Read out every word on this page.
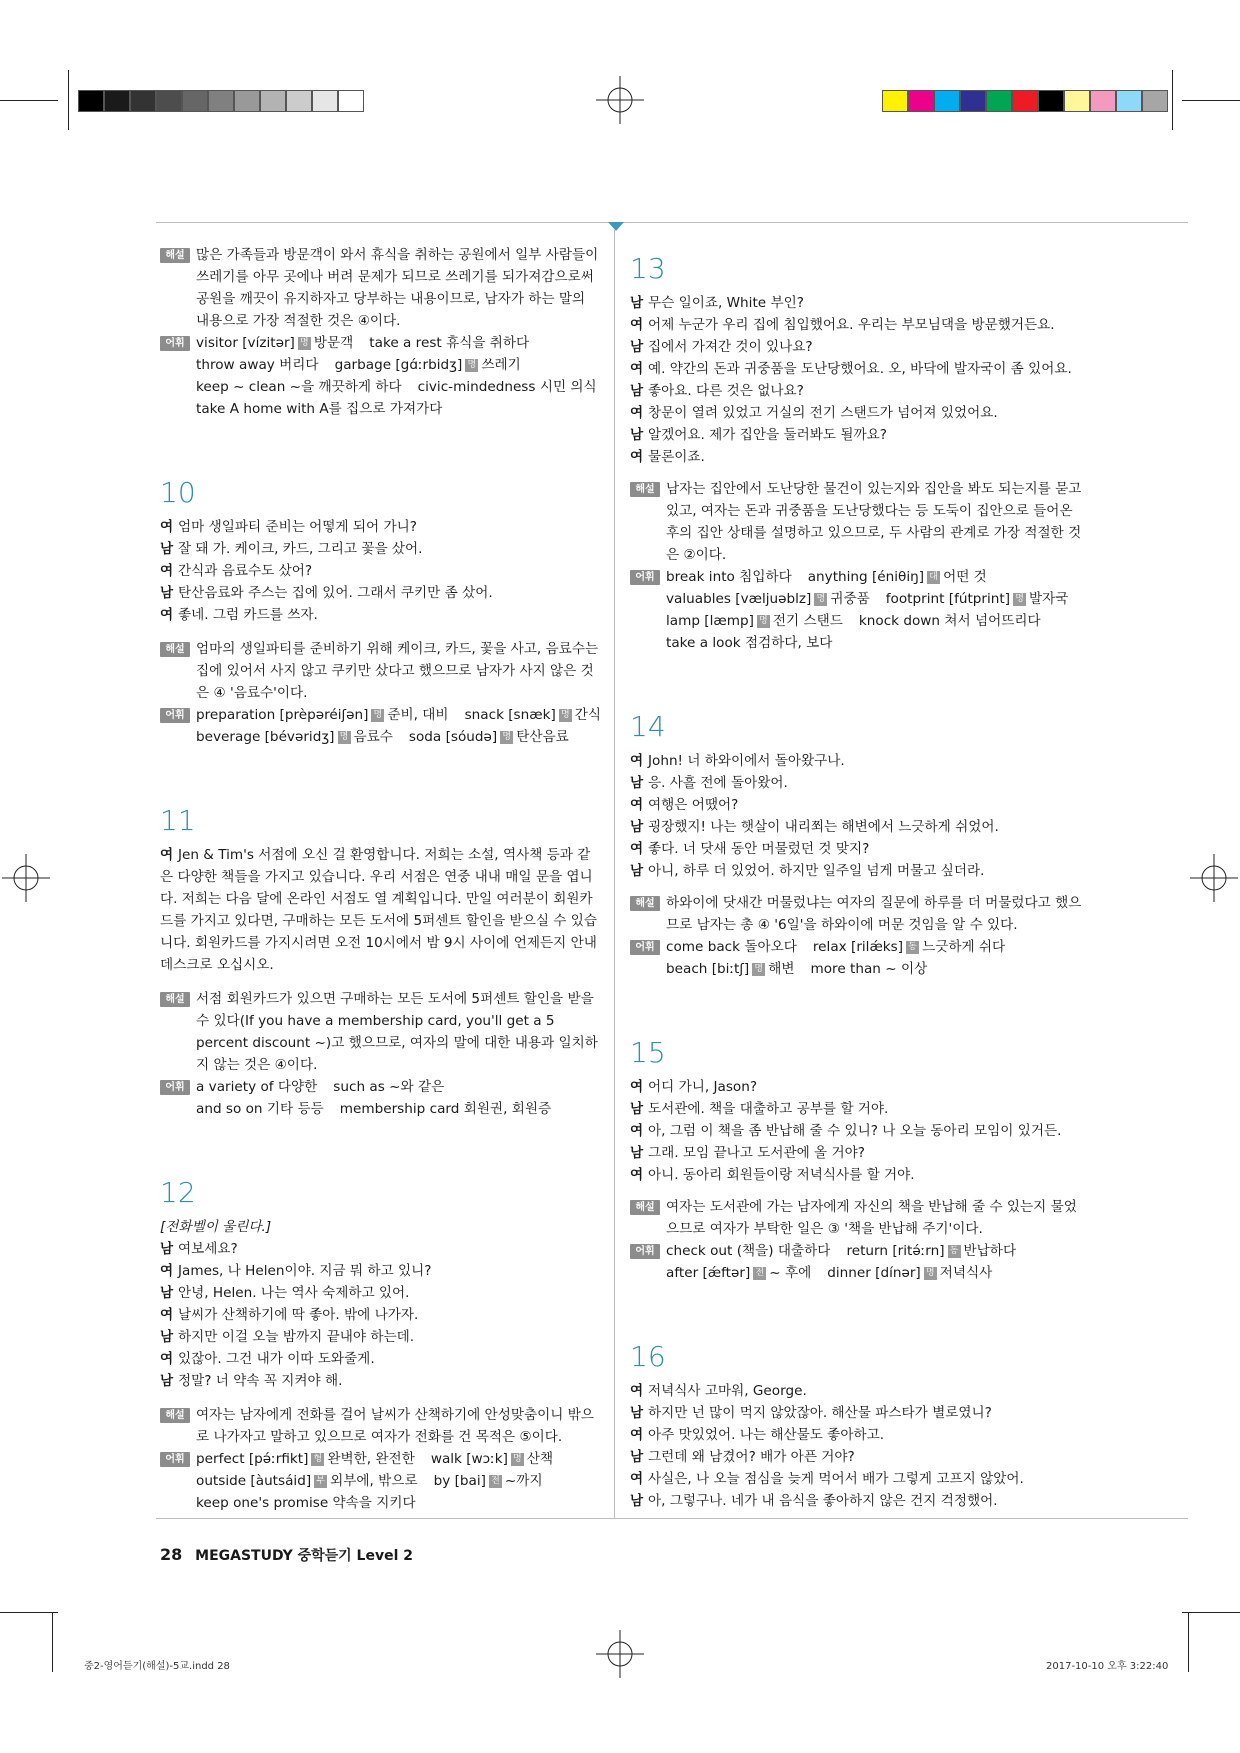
해설 많은 가족들과 방문객이 와서 휴식을 취하는 공원에서 일부 사람들이 쓰레기를 아무 곳에나 버려 문제가 되므로 쓰레기를 되가져감으로써 공원을 깨끗이 유지하자고 당부하는 내용이므로, 남자가 하는 말의 내용으로 가장 적절한 것은 ④이다.

어휘 visitor [vízitər] 명 방문객 take a rest 휴식을 취하다
throw away 버리다 garbage [gɑ́ːrbidʒ] 명 쓰레기
keep ~ clean ~을 깨끗하게 하다 civic-mindedness 시민 의식
take A home with A를 집으로 가져가다
10

여 엄마 생일파티 준비는 어떻게 되어 가니?

남 잘 돼 가. 케이크, 카드, 그리고 꽃을 샀어.

여 간식과 음료수도 샀어?

남 탄산음료와 주스는 집에 있어. 그래서 쿠키만 좀 샀어.

여 좋네. 그럼 카드를 쓰자.

해설 엄마의 생일파티를 준비하기 위해 케이크, 카드, 꽃을 사고, 음료수는 집에 있어서 사지 않고 쿠키만 샀다고 했으므로 남자가 사지 않은 것은 ④ '음료수'이다.

어휘 preparation [prèpəréiʃən] 명 준비, 대비 snack [snæk] 명 간식
beverage [bévəridʒ] 명 음료수 soda [sóudə] 명 탄산음료
11

여 Jen & Tim's 서점에 오신 걸 환영합니다. 저희는 소설, 역사책 등과 같은 다양한 책들을 가지고 있습니다. 우리 서점은 연중 내내 매일 문을 엽니다. 저희는 다음 달에 온라인 서점도 열 계획입니다. 만일 여러분이 회원카드를 가지고 있다면, 구매하는 모든 도서에 5퍼센트 할인을 받으실 수 있습니다. 회원카드를 가지시려면 오전 10시에서 밤 9시 사이에 언제든지 안내데스크로 오십시오.

해설 서점 회원카드가 있으면 구매하는 모든 도서에 5퍼센트 할인을 받을 수 있다(If you have a membership card, you'll get a 5 percent discount ~)고 했으므로, 여자의 말에 대한 내용과 일치하지 않는 것은 ④이다.

어휘 a variety of 다양한 such as ~와 같은
and so on 기타 등등 membership card 회원권, 회원증
12

[전화벨이 울린다.]

남 여보세요?

여 James, 나 Helen이야. 지금 뭐 하고 있니?

남 안녕, Helen. 나는 역사 숙제하고 있어.

여 날씨가 산책하기에 딱 좋아. 밖에 나가자.

남 하지만 이걸 오늘 밤까지 끝내야 하는데.

여 있잖아. 그건 내가 이따 도와줄게.

남 정말? 너 약속 꼭 지켜야 해.

해설 여자는 남자에게 전화를 걸어 날씨가 산책하기에 안성맞춤이니 밖으로 나가자고 말하고 있으므로 여자가 전화를 건 목적은 ⑤이다.

어휘 perfect [pə́ːrfikt] 형 완벽한, 완전한 walk [wɔːk] 명 산책
outside [àutsáid] 부 외부에, 밖으로 by [bai] 전 ~까지
keep one's promise 약속을 지키다
13

남 무슨 일이죠, White 부인?

여 어제 누군가 우리 집에 침입했어요. 우리는 부모님댁을 방문했거든요.

남 집에서 가져간 것이 있나요?

여 예. 약간의 돈과 귀중품을 도난당했어요. 오, 바닥에 발자국이 좀 있어요.

남 좋아요. 다른 것은 없나요?

여 창문이 열려 있었고 거실의 전기 스탠드가 넘어져 있었어요.

남 알겠어요. 제가 집안을 둘러봐도 될까요?

여 물론이죠.

해설 남자는 집안에서 도난당한 물건이 있는지와 집안을 봐도 되는지를 묻고 있고, 여자는 돈과 귀중품을 도난당했다는 등 도둑이 집안으로 들어온 후의 집안 상태를 설명하고 있으므로, 두 사람의 관계로 가장 적절한 것은 ②이다.

어휘 break into 침입하다 anything [éniθiŋ] 대 어떤 것
valuables [væljuəblz] 명 귀중품 footprint [fútprint] 명 발자국
lamp [læmp] 명 전기 스탠드 knock down 쳐서 넘어뜨리다
take a look 점검하다, 보다
14

여 John! 너 하와이에서 돌아왔구나.

남 응. 사흘 전에 돌아왔어.

여 여행은 어땠어?

남 굉장했지! 나는 햇살이 내리쬐는 해변에서 느긋하게 쉬었어.

여 좋다. 너 닷새 동안 머물렀던 것 맞지?

남 아니, 하루 더 있었어. 하지만 일주일 넘게 머물고 싶더라.

해설 하와이에 닷새간 머물렀냐는 여자의 질문에 하루를 더 머물렀다고 했으므로 남자는 총 ④ '6일'을 하와이에 머문 것임을 알 수 있다.

어휘 come back 돌아오다 relax [rilǽks] 동 느긋하게 쉬다
beach [biːtʃ] 명 해변 more than ~ 이상
15

여 어디 가니, Jason?

남 도서관에. 책을 대출하고 공부를 할 거야.

여 아, 그럼 이 책을 좀 반납해 줄 수 있니? 나 오늘 동아리 모임이 있거든.

남 그래. 모임 끝나고 도서관에 올 거야?

여 아니. 동아리 회원들이랑 저녁식사를 할 거야.

해설 여자는 도서관에 가는 남자에게 자신의 책을 반납해 줄 수 있는지 물었으므로 여자가 부탁한 일은 ③ '책을 반납해 주기'이다.

어휘 check out (책을) 대출하다 return [ritə́ːrn] 동 반납하다
after [ǽftər] 전 ~ 후에 dinner [dínər] 명 저녁식사
16

여 저녁식사 고마워, George.

남 하지만 넌 많이 먹지 않았잖아. 해산물 파스타가 별로였니?

여 아주 맛있었어. 나는 해산물도 좋아하고.

남 그런데 왜 남겼어? 배가 아픈 거야?

여 사실은, 나 오늘 점심을 늦게 먹어서 배가 그렇게 고프지 않았어.

남 아, 그렇구나. 네가 내 음식을 좋아하지 않은 건지 걱정했어.

28 MEGASTUDY 중학듣기 Level 2
중2-영어듣기(해설)-5교.indd 28	2017-10-10 오후 3:22:40
